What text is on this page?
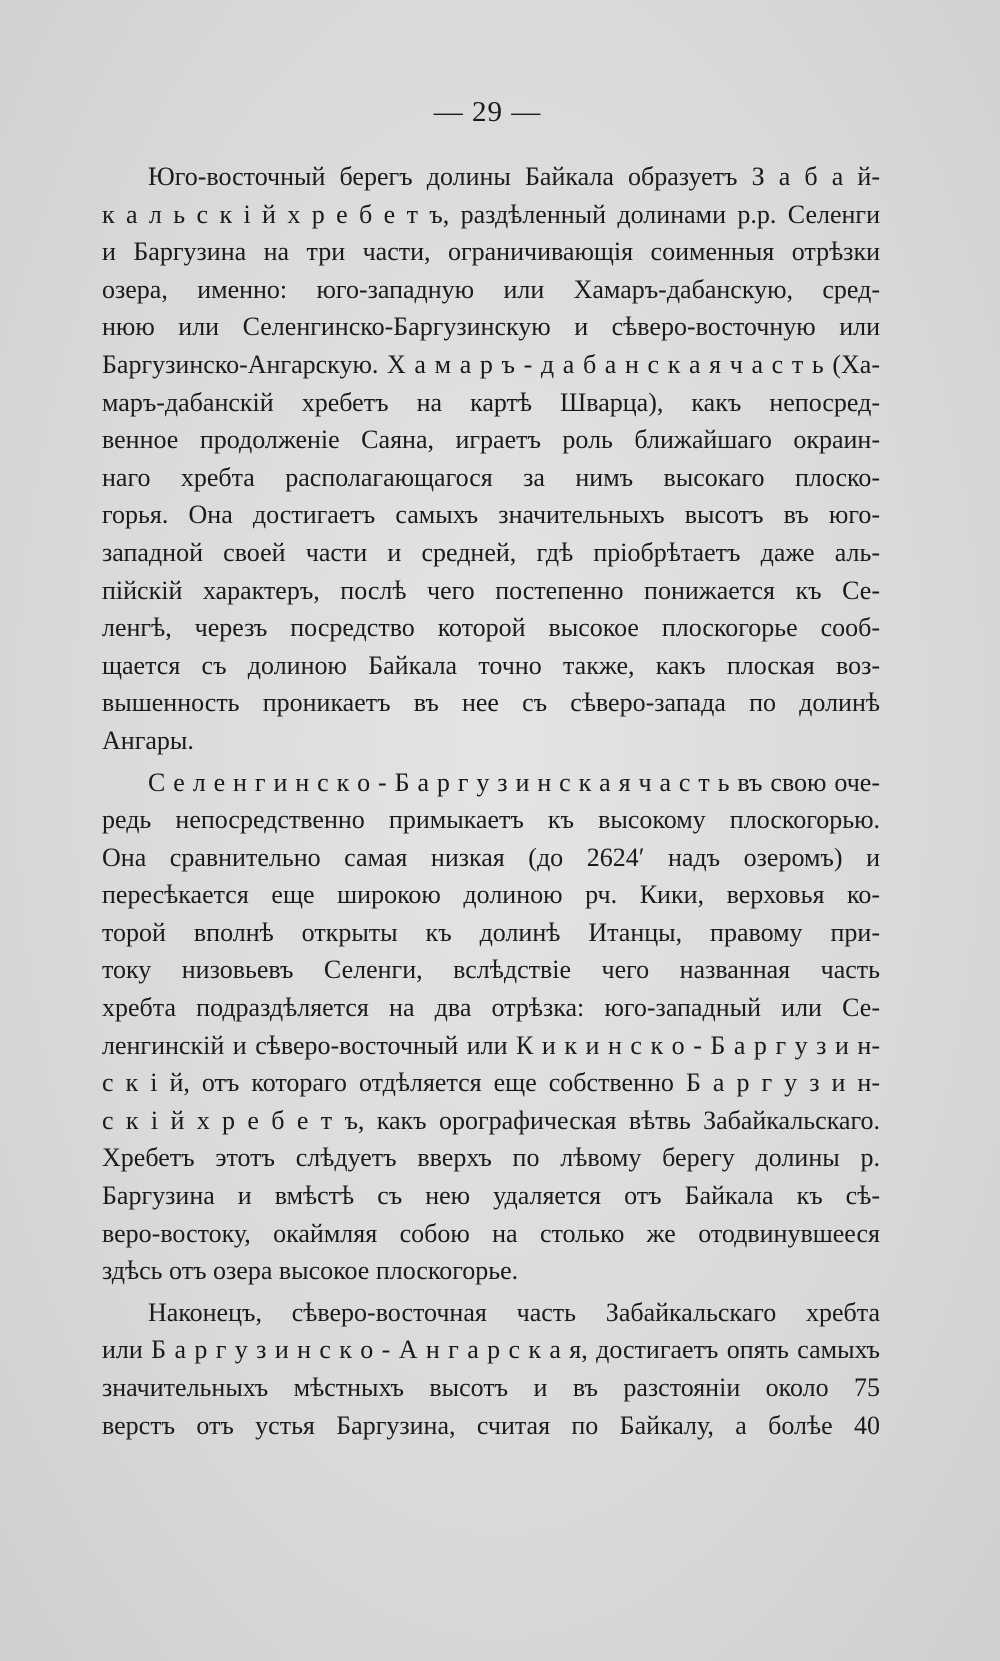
— 29 —
Юго-восточный берегъ долины Байкала образуетъ З а б а й-
к а л ь с к і й х р е б е т ъ, раздѣленный долинами р.р. Селенги
и Баргузина на три части, ограничивающія соименныя отрѣзки
озера, именно: юго-западную или Хамаръ-дабанскую, сред-
нюю или Селенгинско-Баргузинскую и сѣверо-восточную или
Баргузинско-Ангарскую. Х а м а р ъ - д а б а н с к а я ч а с т ь (Ха-
маръ-дабанскій хребетъ на картѣ Шварца), какъ непосред-
венное продолженіе Саяна, играетъ роль ближайшаго окраин-
наго хребта располагающагося за нимъ высокаго плоско-
горья. Она достигаетъ самыхъ значительныхъ высотъ въ юго-
западной своей части и средней, гдѣ пріобрѣтаетъ даже аль-
пійскій характеръ, послѣ чего постепенно понижается къ Се-
ленгѣ, черезъ посредство которой высокое плоскогорье сооб-
щается съ долиною Байкала точно также, какъ плоская воз-
вышенность проникаетъ въ нее съ сѣверо-запада по долинѣ
Ангары.
С е л е н г и н с к о - Б а р г у з и н с к а я ч а с т ь въ свою оче-
редь непосредственно примыкаетъ къ высокому плоскогорью.
Она сравнительно самая низкая (до 2624′ надъ озеромъ) и
пересѣкается еще широкою долиною рч. Кики, верховья ко-
торой вполнѣ открыты къ долинѣ Итанцы, правому при-
току низовьевъ Селенги, вслѣдствіе чего названная часть
хребта подраздѣляется на два отрѣзка: юго-западный или Се-
ленгинскій и сѣверо-восточный или К и к и н с к о - Б а р г у з и н-
с к і й, отъ котораго отдѣляется еще собственно Б а р г у з и н-
с к і й х р е б е т ъ, какъ орографическая вѣтвь Забайкальскаго.
Хребетъ этотъ слѣдуетъ вверхъ по лѣвому берегу долины р.
Баргузина и вмѣстѣ съ нею удаляется отъ Байкала къ сѣ-
веро-востоку, окаймляя собою на столько же отодвинувшееся
здѣсь отъ озера высокое плоскогорье.
Наконецъ, сѣверо-восточная часть Забайкальскаго хребта
или Б а р г у з и н с к о - А н г а р с к а я, достигаетъ опять самыхъ
значительныхъ мѣстныхъ высотъ и въ разстояніи около 75
верстъ отъ устья Баргузина, считая по Байкалу, а болѣе 40
